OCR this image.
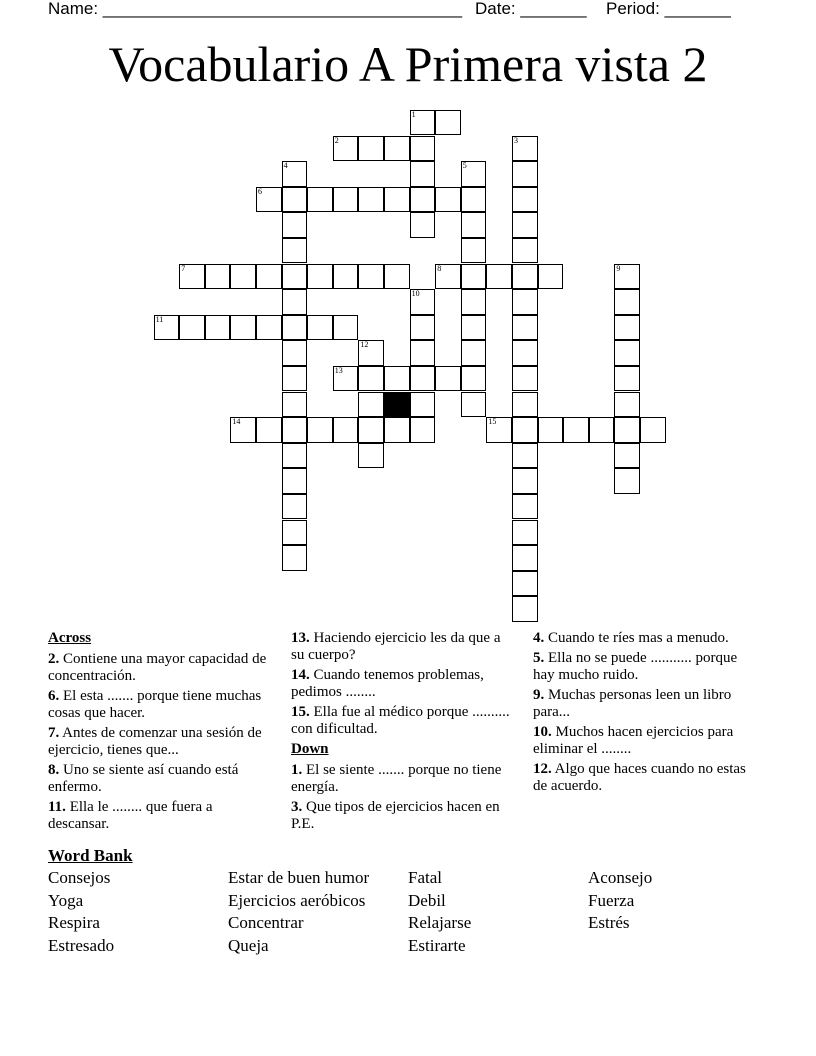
Name: ______________________________________ Date: _______ Period: _______
Vocabulario A Primera vista 2
1
2	3
4	5
6
7	8	9
10
11
12
13
14	15
Across
2. Contiene una mayor capacidad de concentración.
6. El esta ....... porque tiene muchas cosas que hacer.
7. Antes de comenzar una sesión de ejercicio, tienes que...
8. Uno se siente así cuando está enfermo.
11. Ella le ........ que fuera a descansar.
13. Haciendo ejercicio les da que a su cuerpo?
14. Cuando tenemos problemas, pedimos ........
15. Ella fue al médico porque .......... con dificultad.
Down
1. El se siente ....... porque no tiene energía.
3. Que tipos de ejercicios hacen en P.E.
4. Cuando te ríes mas a menudo.
5. Ella no se puede ........... porque hay mucho ruido.
9. Muchas personas leen un libro para...
10. Muchos hacen ejercicios para eliminar el ........
12. Algo que haces cuando no estas de acuerdo.
Word Bank
Consejos
Yoga
Respira
Estresado
Estar de buen humor
Ejercicios aeróbicos
Concentrar
Queja
Fatal
Debil
Relajarse
Estirarte
Aconsejo
Fuerza
Estrés
